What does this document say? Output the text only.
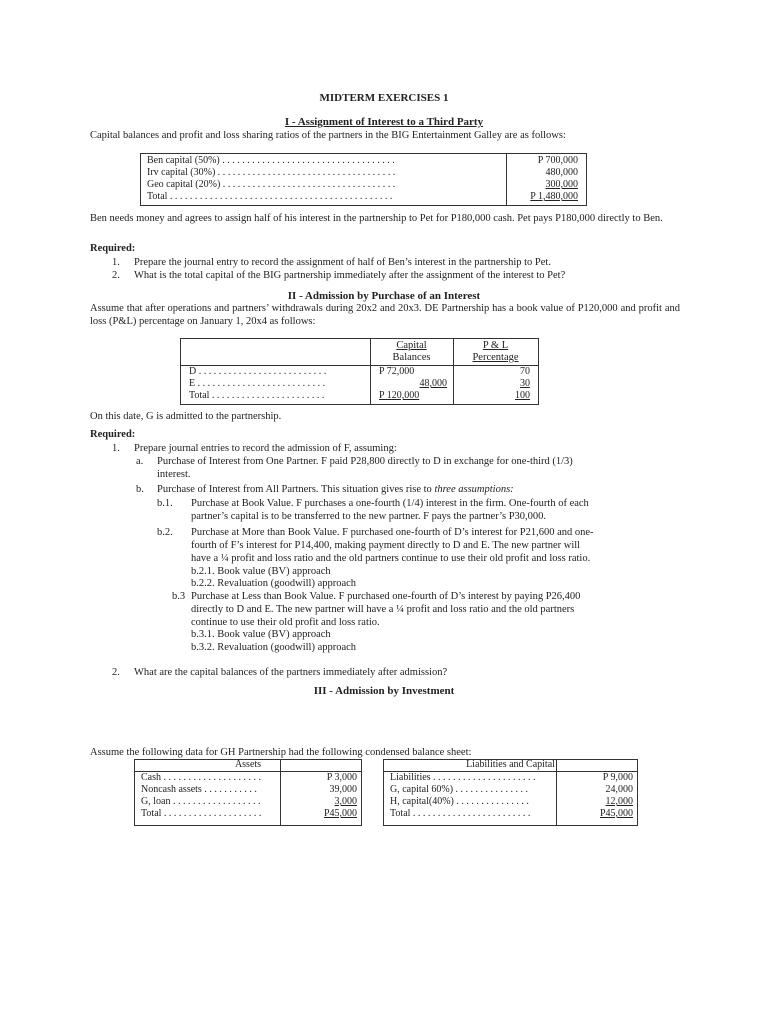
MIDTERM EXERCISES 1
I - Assignment of Interest to a Third Party
Capital balances and profit and loss sharing ratios of the partners in the BIG Entertainment Galley are as follows:
Ben capital (50%) . . . . . . . . . . . . . . . . . . . . . . . . . . . . . . . . . . .	P 700,000
Irv capital (30%) . . . . . . . . . . . . . . . . . . . . . . . . . . . . . . . . . . . .	480,000
Geo capital (20%) . . . . . . . . . . . . . . . . . . . . . . . . . . . . . . . . . . .	300,000
Total . . . . . . . . . . . . . . . . . . . . . . . . . . . . . . . . . . . . . . . . . . . . .	P 1,480,000
Ben needs money and agrees to assign half of his interest in the partnership to Pet for P180,000 cash. Pet pays P180,000 directly to Ben.
Required:
1. Prepare the journal entry to record the assignment of half of Ben’s interest in the partnership to Pet.
2. What is the total capital of the BIG partnership immediately after the assignment of the interest to Pet?
II - Admission by Purchase of an Interest
Assume that after operations and partners’ withdrawals during 20x2 and 20x3. DE Partnership has a book value of P120,000 and profit and loss (P&L) percentage on January 1, 20x4 as follows:
Capital
Balances
P & L
Percentage
D . . . . . . . . . . . . . . . . . . . . . . . . . .	P 72,000	70
E . . . . . . . . . . . . . . . . . . . . . . . . . .	48,000	30
Total . . . . . . . . . . . . . . . . . . . . . . .	P 120,000	100
On this date, G is admitted to the partnership.
Required:
1. Prepare journal entries to record the admission of F, assuming:
a. Purchase of Interest from One Partner. F paid P28,800 directly to D in exchange for one-third (1/3)
interest.
b. Purchase of Interest from All Partners. This situation gives rise to three assumptions:
b.1. Purchase at Book Value. F purchases a one-fourth (1/4) interest in the firm. One-fourth of each
partner’s capital is to be transferred to the new partner. F pays the partner’s P30,000.
b.2. Purchase at More than Book Value. F purchased one-fourth of D’s interest for P21,600 and one-
fourth of F’s interest for P14,400, making payment directly to D and E. The new partner will
have a ¼ profit and loss ratio and the old partners continue to use their old profit and loss ratio.
b.2.1. Book value (BV) approach
b.2.2. Revaluation (goodwill) approach
b.3 Purchase at Less than Book Value. F purchased one-fourth of D’s interest by paying P26,400
directly to D and E. The new partner will have a ¼ profit and loss ratio and the old partners
continue to use their old profit and loss ratio.
b.3.1. Book value (BV) approach
b.3.2. Revaluation (goodwill) approach
2. What are the capital balances of the partners immediately after admission?
III - Admission by Investment
Assume the following data for GH Partnership had the following condensed balance sheet:
Assets
Cash . . . . . . . . . . . . . . . . . . . .	P 3,000
Noncash assets . . . . . . . . . . .	39,000
G, loan . . . . . . . . . . . . . . . . . .	3,000
Total . . . . . . . . . . . . . . . . . . . .	P45,000
Liabilities and Capital
Liabilities . . . . . . . . . . . . . . . . . . . . .	P 9,000
G, capital 60%) . . . . . . . . . . . . . . .	24,000
H, capital(40%) . . . . . . . . . . . . . . .	12,000
Total . . . . . . . . . . . . . . . . . . . . . . . .	P45,000
